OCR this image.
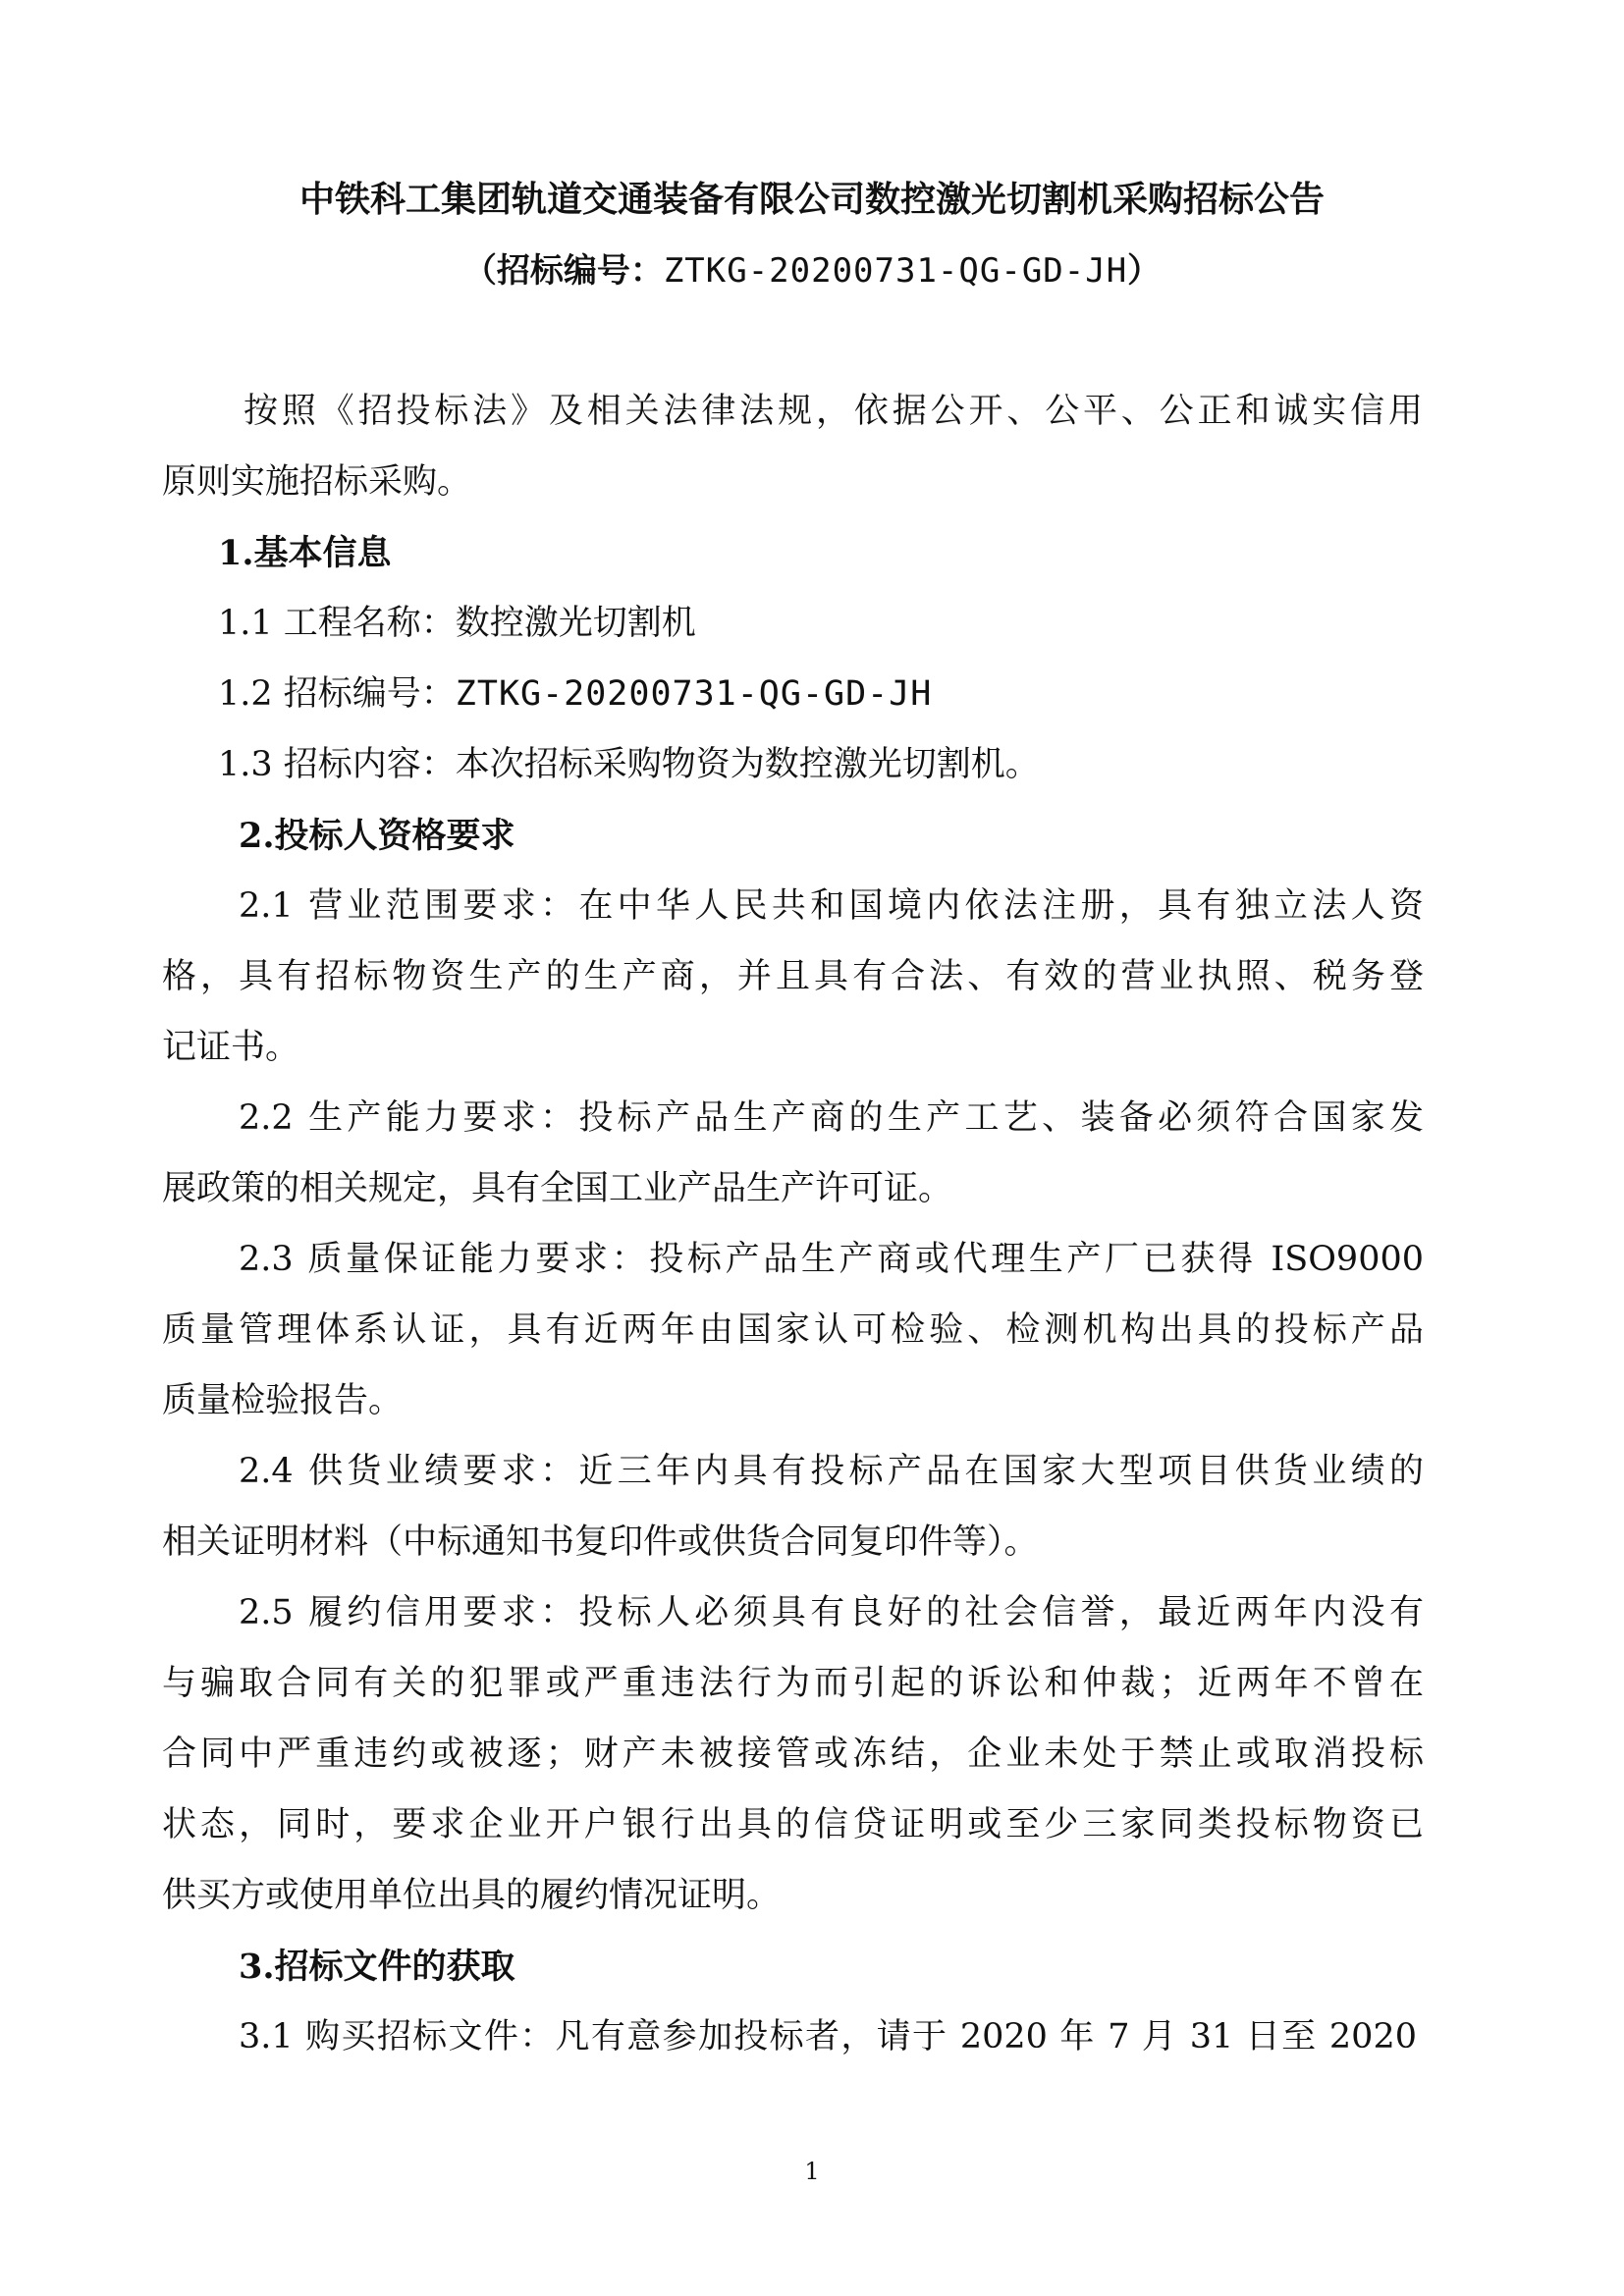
中铁科工集团轨道交通装备有限公司数控激光切割机采购招标公告
（招标编号：ZTKG-20200731-QG-GD-JH）
按照《招投标法》及相关法律法规，依据公开、公平、公正和诚实信用
原则实施招标采购。
1.基本信息
1.1 工程名称：数控激光切割机
1.2 招标编号：ZTKG-20200731-QG-GD-JH
1.3 招标内容：本次招标采购物资为数控激光切割机。
2.投标人资格要求
2.1 营业范围要求：在中华人民共和国境内依法注册，具有独立法人资
格，具有招标物资生产的生产商，并且具有合法、有效的营业执照、税务登
记证书。
2.2 生产能力要求：投标产品生产商的生产工艺、装备必须符合国家发
展政策的相关规定，具有全国工业产品生产许可证。
2.3 质量保证能力要求：投标产品生产商或代理生产厂已获得 ISO9000
质量管理体系认证，具有近两年由国家认可检验、检测机构出具的投标产品
质量检验报告。
2.4 供货业绩要求：近三年内具有投标产品在国家大型项目供货业绩的
相关证明材料（中标通知书复印件或供货合同复印件等）。
2.5 履约信用要求：投标人必须具有良好的社会信誉，最近两年内没有
与骗取合同有关的犯罪或严重违法行为而引起的诉讼和仲裁；近两年不曾在
合同中严重违约或被逐；财产未被接管或冻结，企业未处于禁止或取消投标
状态，同时，要求企业开户银行出具的信贷证明或至少三家同类投标物资已
供买方或使用单位出具的履约情况证明。
3.招标文件的获取
3.1 购买招标文件：凡有意参加投标者，请于 2020 年 7 月 31 日至 2020
1
